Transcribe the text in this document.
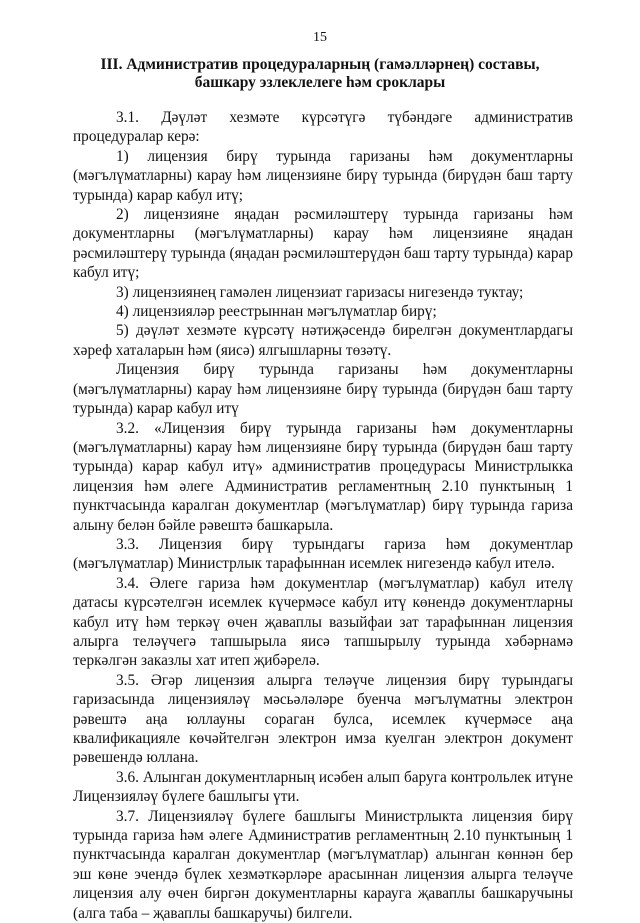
15
III. Административ процедураларның (гамәлләрнең) составы,
башкару эзлеклелеге һәм сроклары

3.1. Дәүләт хезмәте күрсәтүгә түбәндәге административ процедуралар керә:

1) лицензия бирү турында гаризаны һәм документларны (мәгълүматларны) карау һәм лицензияне бирү турында (бирүдән баш тарту турында) карар кабул итү;

2) лицензияне яңадан рәсмиләштерү турында гаризаны һәм документларны (мәгълүматларны) карау һәм лицензияне яңадан рәсмиләштерү турында (яңадан рәсмиләштерүдән баш тарту турында) карар кабул итү;

3) лицензиянең гамәлен лицензиат гаризасы нигезендә туктау;

4) лицензияләр реестрыннан мәгълүматлар бирү;

5) дәүләт хезмәте күрсәтү нәтиҗәсендә бирелгән документлардагы хәреф хаталарын һәм (яисә) ялгышларны төзәтү.

Лицензия бирү турында гаризаны һәм документларны (мәгълүматларны) карау һәм лицензияне бирү турында (бирүдән баш тарту турында) карар кабул итү

3.2. «Лицензия бирү турында гаризаны һәм документларны (мәгълүматларны) карау һәм лицензияне бирү турында (бирүдән баш тарту турында) карар кабул итү» административ процедурасы Министрлыкка лицензия һәм әлеге Административ регламентның 2.10 пунктының 1 пунктчасында каралган документлар (мәгълүматлар) бирү турында гариза алыну белән бәйле рәвештә башкарыла.

3.3. Лицензия бирү турындагы гариза һәм документлар (мәгълүматлар) Министрлык тарафыннан исемлек нигезендә кабул ителә.

3.4. Әлеге гариза һәм документлар (мәгълүматлар) кабул ителү датасы күрсәтелгән исемлек күчермәсе кабул итү көнендә документларны кабул итү һәм теркәү өчен җаваплы вазыйфаи зат тарафыннан лицензия алырга теләүчегә тапшырыла яисә тапшырылу турында хәбәрнамә теркәлгән заказлы хат итеп җибәрелә.

3.5. Әгәр лицензия алырга теләүче лицензия бирү турындагы гаризасында лицензияләү мәсьәләләре буенча мәгълүматны электрон рәвештә аңа юллауны сораган булса, исемлек күчермәсе аңа квалификацияле көчәйтелгән электрон имза куелган электрон документ рәвешендә юллана.

3.6. Алынган документларның исәбен алып баругa контрольлек итүне Лицензияләү бүлеге башлыгы үти.

3.7. Лицензияләү бүлеге башлыгы Министрлыкта лицензия бирү турында гариза һәм әлеге Административ регламентның 2.10 пунктының 1 пунктчасында каралган документлар (мәгълүматлар) алынган көннән бер эш көне эчендә бүлек хезмәткәрләре арасыннан лицензия алырга теләүче лицензия алу өчен биргән документларны карауга җаваплы башкаручыны (алга таба – җаваплы башкаручы) билгели.
